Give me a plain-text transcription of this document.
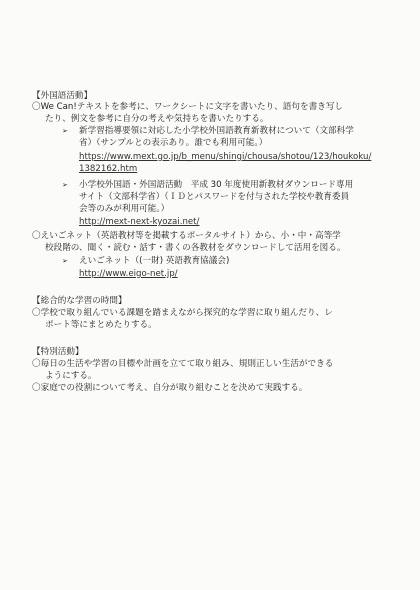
【外国語活動】
〇We Can!テキストを参考に、ワークシートに文字を書いたり、語句を書き写し
たり、例文を参考に自分の考えや気持ちを書いたりする。
➢ 新学習指導要領に対応した小学校外国語教育新教材について（文部科学
省）（サンプルとの表示あり。誰でも利用可能。）
https://www.mext.go.jp/b_menu/shingi/chousa/shotou/123/houkoku/
1382162.htm
➢ 小学校外国語・外国語活動　平成 30 年度使用新教材ダウンロード専用
サイト（文部科学省）（ＩＤとパスワードを付与された学校や教育委員
会等のみが利用可能。）
http://mext-next-kyozai.net/
〇えいごネット（英語教材等を掲載するポータルサイト）から、小・中・高等学
校段階の、聞く・読む・話す・書くの各教材をダウンロードして活用を図る。
➢ えいごネット（(一財) 英語教育協議会)
http://www.eigo-net.jp/
【総合的な学習の時間】
〇学校で取り組んでいる課題を踏まえながら探究的な学習に取り組んだり、レ
ポート等にまとめたりする。
【特別活動】
〇毎日の生活や学習の目標や計画を立てて取り組み、規則正しい生活ができる
ようにする。
〇家庭での役割について考え、自分が取り組むことを決めて実践する。
